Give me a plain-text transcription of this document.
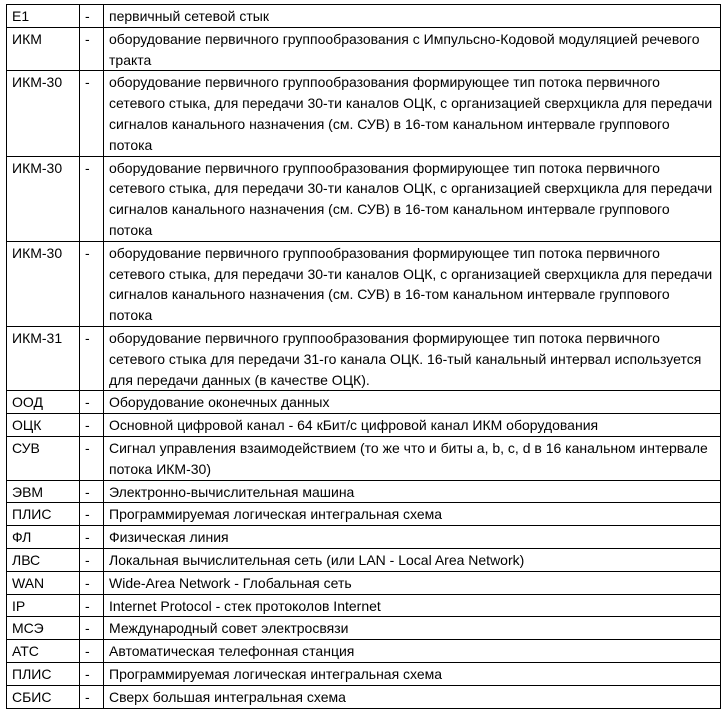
E1	-	первичный сетевой стык
ИКМ	-	оборудование первичного группообразования с Импульсно-Кодовой модуляцией речевого тракта
ИКМ-30	-	оборудование первичного группообразования формирующее тип потока первичного сетевого стыка, для передачи 30-ти каналов ОЦК, с организацией сверхцикла для передачи сигналов канального назначения (см. СУВ) в 16-том канальном интервале группового потока
ИКМ-30	-	оборудование первичного группообразования формирующее тип потока первичного сетевого стыка, для передачи 30-ти каналов ОЦК, с организацией сверхцикла для передачи сигналов канального назначения (см. СУВ) в 16-том канальном интервале группового потока
ИКМ-30	-	оборудование первичного группообразования формирующее тип потока первичного сетевого стыка, для передачи 30-ти каналов ОЦК, с организацией сверхцикла для передачи сигналов канального назначения (см. СУВ) в 16-том канальном интервале группового потока
ИКМ-31	-	оборудование первичного группообразования формирующее тип потока первичного сетевого стыка для передачи 31-го канала ОЦК. 16-тый канальный интервал используется для передачи данных (в качестве ОЦК).
ООД	-	Оборудование оконечных данных
ОЦК	-	Основной цифровой канал - 64 кБит/с цифровой канал ИКМ оборудования
СУВ	-	Сигнал управления взаимодействием (то же что и биты a, b, c, d в 16 канальном интервале потока ИКМ-30)
ЭВМ	-	Электронно-вычислительная машина
ПЛИС	-	Программируемая логическая интегральная схема
ФЛ	-	Физическая линия
ЛВС	-	Локальная вычислительная сеть (или LAN - Local Area Network)
WAN	-	Wide-Area Network - Глобальная сеть
IP	-	Internet Protocol - стек протоколов Internet
МСЭ	-	Международный совет электросвязи
АТС	-	Автоматическая телефонная станция
ПЛИС	-	Программируемая логическая интегральная схема
СБИС	-	Сверх большая интегральная схема
